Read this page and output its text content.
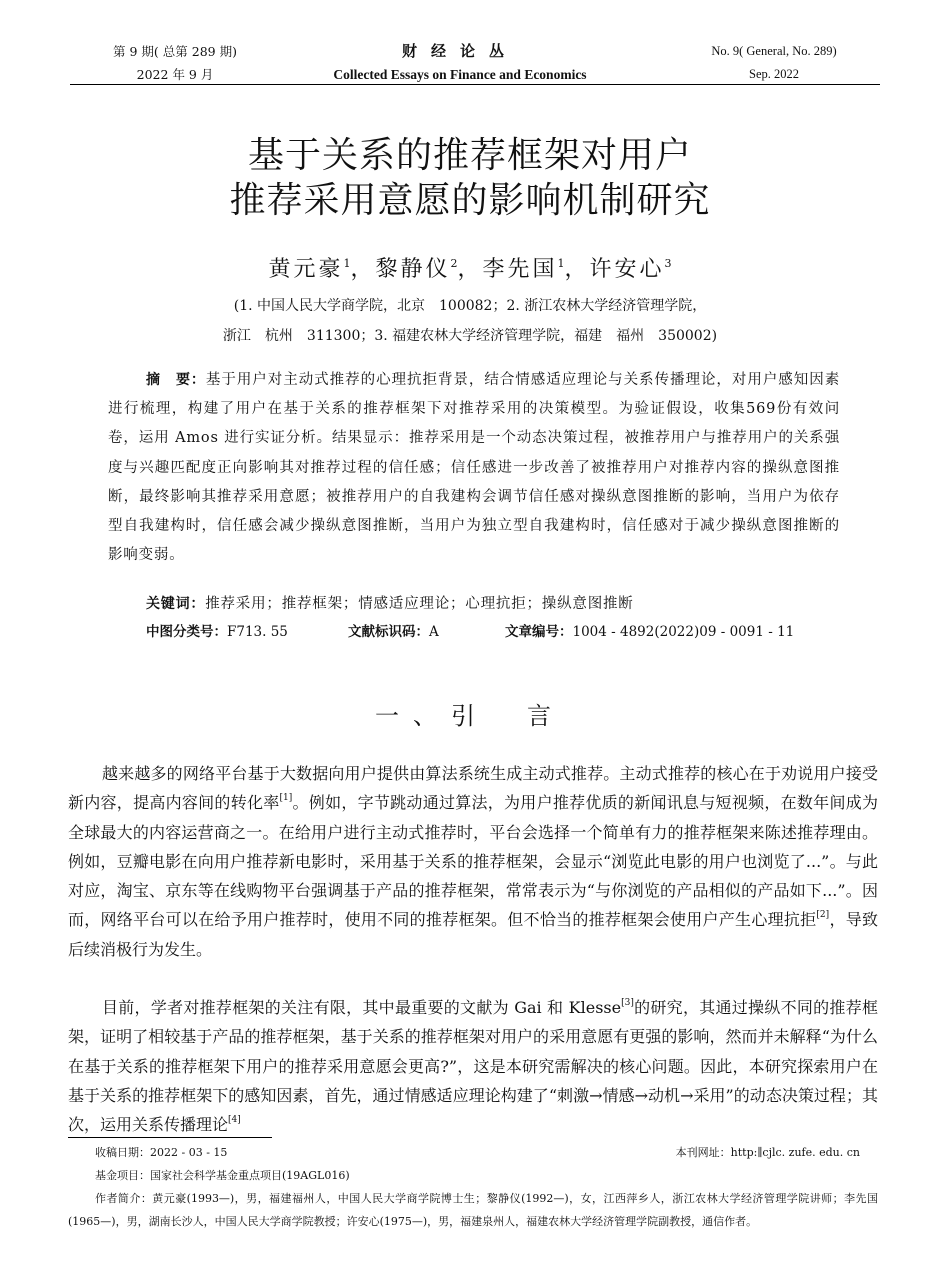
第 9 期( 总第 289 期)
2022 年 9 月
财经论丛
Collected Essays on Finance and Economics
No. 9( General, No. 289)
Sep. 2022
基于关系的推荐框架对用户
推荐采用意愿的影响机制研究
黄元豪$^1$，黎静仪$^2$，李先国$^1$，许安心$^3$
(1. 中国人民大学商学院，北京　100082；2. 浙江农林大学经济管理学院，
浙江　杭州　311300；3. 福建农林大学经济管理学院，福建　福州　350002)
摘　要：基于用户对主动式推荐的心理抗拒背景，结合情感适应理论与关系传播理论，对用户感知因素进行梳理，构建了用户在基于关系的推荐框架下对推荐采用的决策模型。为验证假设，收集569份有效问卷，运用 Amos 进行实证分析。结果显示：推荐采用是一个动态决策过程，被推荐用户与推荐用户的关系强度与兴趣匹配度正向影响其对推荐过程的信任感；信任感进一步改善了被推荐用户对推荐内容的操纵意图推断，最终影响其推荐采用意愿；被推荐用户的自我建构会调节信任感对操纵意图推断的影响，当用户为依存型自我建构时，信任感会减少操纵意图推断，当用户为独立型自我建构时，信任感对于减少操纵意图推断的影响变弱。
关键词：推荐采用；推荐框架；情感适应理论；心理抗拒；操纵意图推断
中图分类号：F713. 55	文献标识码：A	文章编号：1004 - 4892(2022)09 - 0091 - 11
一、引　言
越来越多的网络平台基于大数据向用户提供由算法系统生成主动式推荐。主动式推荐的核心在于劝说用户接受新内容，提高内容间的转化率[1]。例如，字节跳动通过算法，为用户推荐优质的新闻讯息与短视频，在数年间成为全球最大的内容运营商之一。在给用户进行主动式推荐时，平台会选择一个简单有力的推荐框架来陈述推荐理由。例如，豆瓣电影在向用户推荐新电影时，采用基于关系的推荐框架，会显示“浏览此电影的用户也浏览了...”。与此对应，淘宝、京东等在线购物平台强调基于产品的推荐框架，常常表示为“与你浏览的产品相似的产品如下...”。因而，网络平台可以在给予用户推荐时，使用不同的推荐框架。但不恰当的推荐框架会使用户产生心理抗拒[2]，导致后续消极行为发生。
目前，学者对推荐框架的关注有限，其中最重要的文献为 Gai 和 Klesse[3]的研究，其通过操纵不同的推荐框架，证明了相较基于产品的推荐框架，基于关系的推荐框架对用户的采用意愿有更强的影响，然而并未解释“为什么在基于关系的推荐框架下用户的推荐采用意愿会更高?”，这是本研究需解决的核心问题。因此，本研究探索用户在基于关系的推荐框架下的感知因素，首先，通过情感适应理论构建了“刺激→情感→动机→采用”的动态决策过程；其次，运用关系传播理论[4]
收稿日期：2022 - 03 - 15	本刊网址：http:∥cjlc. zufe. edu. cn
基金项目：国家社会科学基金重点项目(19AGL016)
作者简介：黄元豪(1993—)，男，福建福州人，中国人民大学商学院博士生；黎静仪(1992—)，女，江西萍乡人，浙江农林大学经济管理学院讲师；李先国(1965—)，男，湖南长沙人，中国人民大学商学院教授；许安心(1975—)，男，福建泉州人，福建农林大学经济管理学院副教授，通信作者。
